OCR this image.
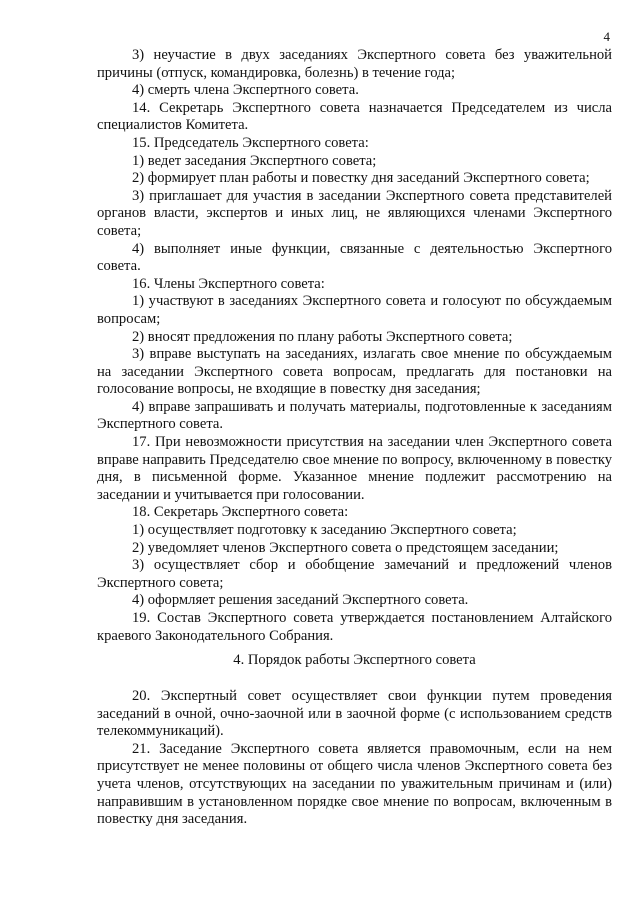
4

3) неучастие в двух заседаниях Экспертного совета без уважительной причины (отпуск, командировка, болезнь) в течение года;

4) смерть члена Экспертного совета.

14. Секретарь Экспертного совета назначается Председателем из числа специалистов Комитета.

15. Председатель Экспертного совета:

1) ведет заседания Экспертного совета;

2) формирует план работы и повестку дня заседаний Экспертного совета;

3) приглашает для участия в заседании Экспертного совета представителей органов власти, экспертов и иных лиц, не являющихся членами Экспертного совета;

4) выполняет иные функции, связанные с деятельностью Экспертного совета.

16. Члены Экспертного совета:

1) участвуют в заседаниях Экспертного совета и голосуют по обсуждаемым вопросам;

2) вносят предложения по плану работы Экспертного совета;

3) вправе выступать на заседаниях, излагать свое мнение по обсуждаемым на заседании Экспертного совета вопросам, предлагать для постановки на голосование вопросы, не входящие в повестку дня заседания;

4) вправе запрашивать и получать материалы, подготовленные к заседаниям Экспертного совета.

17. При невозможности присутствия на заседании член Экспертного совета вправе направить Председателю свое мнение по вопросу, включенному в повестку дня, в письменной форме. Указанное мнение подлежит рассмотрению на заседании и учитывается при голосовании.

18. Секретарь Экспертного совета:

1) осуществляет подготовку к заседанию Экспертного совета;

2) уведомляет членов Экспертного совета о предстоящем заседании;

3) осуществляет сбор и обобщение замечаний и предложений членов Экспертного совета;

4) оформляет решения заседаний Экспертного совета.

19. Состав Экспертного совета утверждается постановлением Алтайского краевого Законодательного Собрания.

4. Порядок работы Экспертного совета

20. Экспертный совет осуществляет свои функции путем проведения заседаний в очной, очно-заочной или в заочной форме (с использованием средств телекоммуникаций).

21. Заседание Экспертного совета является правомочным, если на нем присутствует не менее половины от общего числа членов Экспертного совета без учета членов, отсутствующих на заседании по уважительным причинам и (или) направившим в установленном порядке свое мнение по вопросам, включенным в повестку дня заседания.
